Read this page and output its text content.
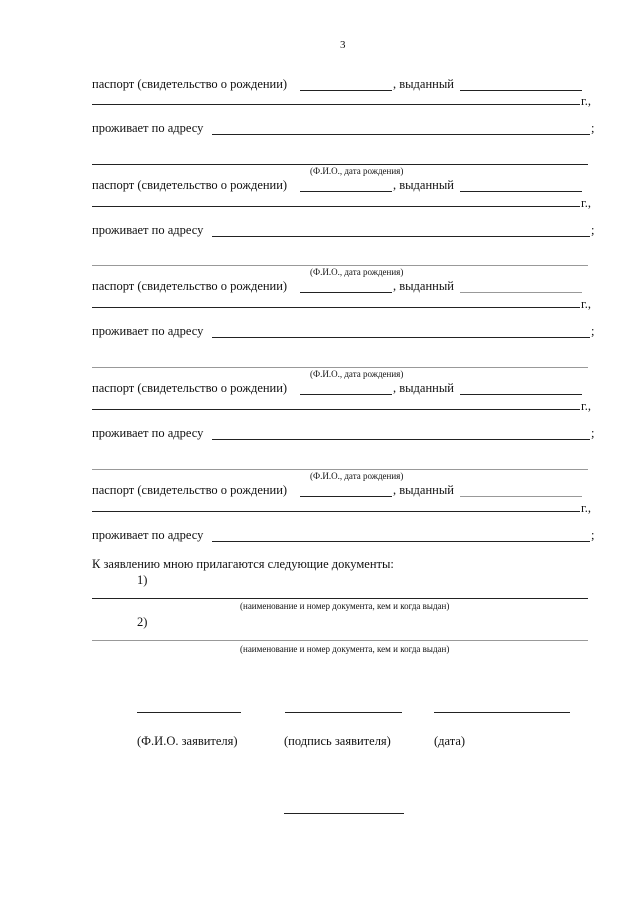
3
паспорт (свидетельство о рождении)	, выданный
г.,
проживает по адресу	;
(Ф.И.О., дата рождения)
паспорт (свидетельство о рождении)	, выданный
г.,
проживает по адресу	;
(Ф.И.О., дата рождения)
паспорт (свидетельство о рождении)	, выданный
г.,
проживает по адресу	;
(Ф.И.О., дата рождения)
паспорт (свидетельство о рождении)	, выданный
г.,
проживает по адресу	;
(Ф.И.О., дата рождения)
паспорт (свидетельство о рождении)	, выданный
г.,
проживает по адресу	;
К заявлению мною прилагаются следующие документы:
1)
(наименование и номер документа, кем и когда выдан)
2)
(наименование и номер документа, кем и когда выдан)
(Ф.И.О. заявителя)	(подпись заявителя)	(дата)
